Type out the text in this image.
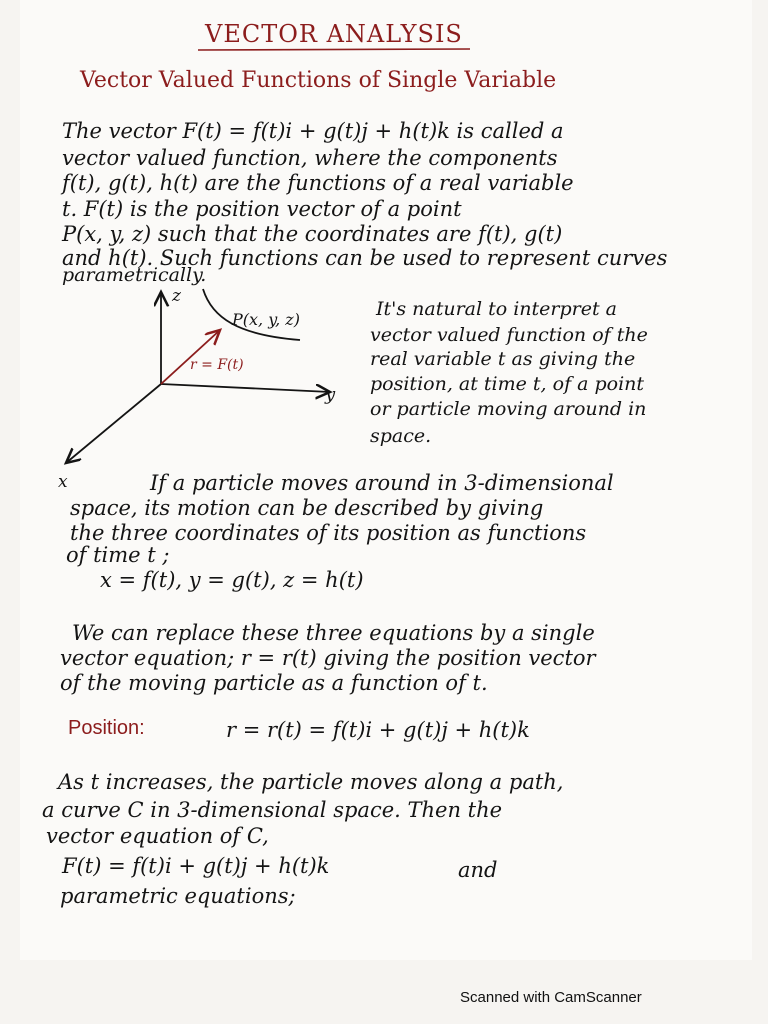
VECTOR ANALYSIS
Vector Valued Functions of Single Variable
The vector F(t) = f(t)i + g(t)j + h(t)k is called a
vector valued function, where the components
f(t), g(t), h(t) are the functions of a real variable
t. F(t) is the position vector of a point
P(x, y, z) such that the coordinates are f(t), g(t)
and h(t). Such functions can be used to represent curves
parametrically.
z
y
x
P(x, y, z)
r = F(t)
It's natural to interpret a
vector valued function of the
real variable t as giving the
position, at time t, of a point
or particle moving around in
space.
If a particle moves around in 3-dimensional
space, its motion can be described by giving
the three coordinates of its position as functions
of time t ;
x = f(t), y = g(t), z = h(t)
We can replace these three equations by a single
vector equation; r = r(t) giving the position vector
of the moving particle as a function of t.
Position:	r = r(t) = f(t)i + g(t)j + h(t)k
As t increases, the particle moves along a path,
a curve C in 3-dimensional space. Then the
vector equation of C,
F(t) = f(t)i + g(t)j + h(t)k	and
parametric equations;
Scanned with CamScanner
